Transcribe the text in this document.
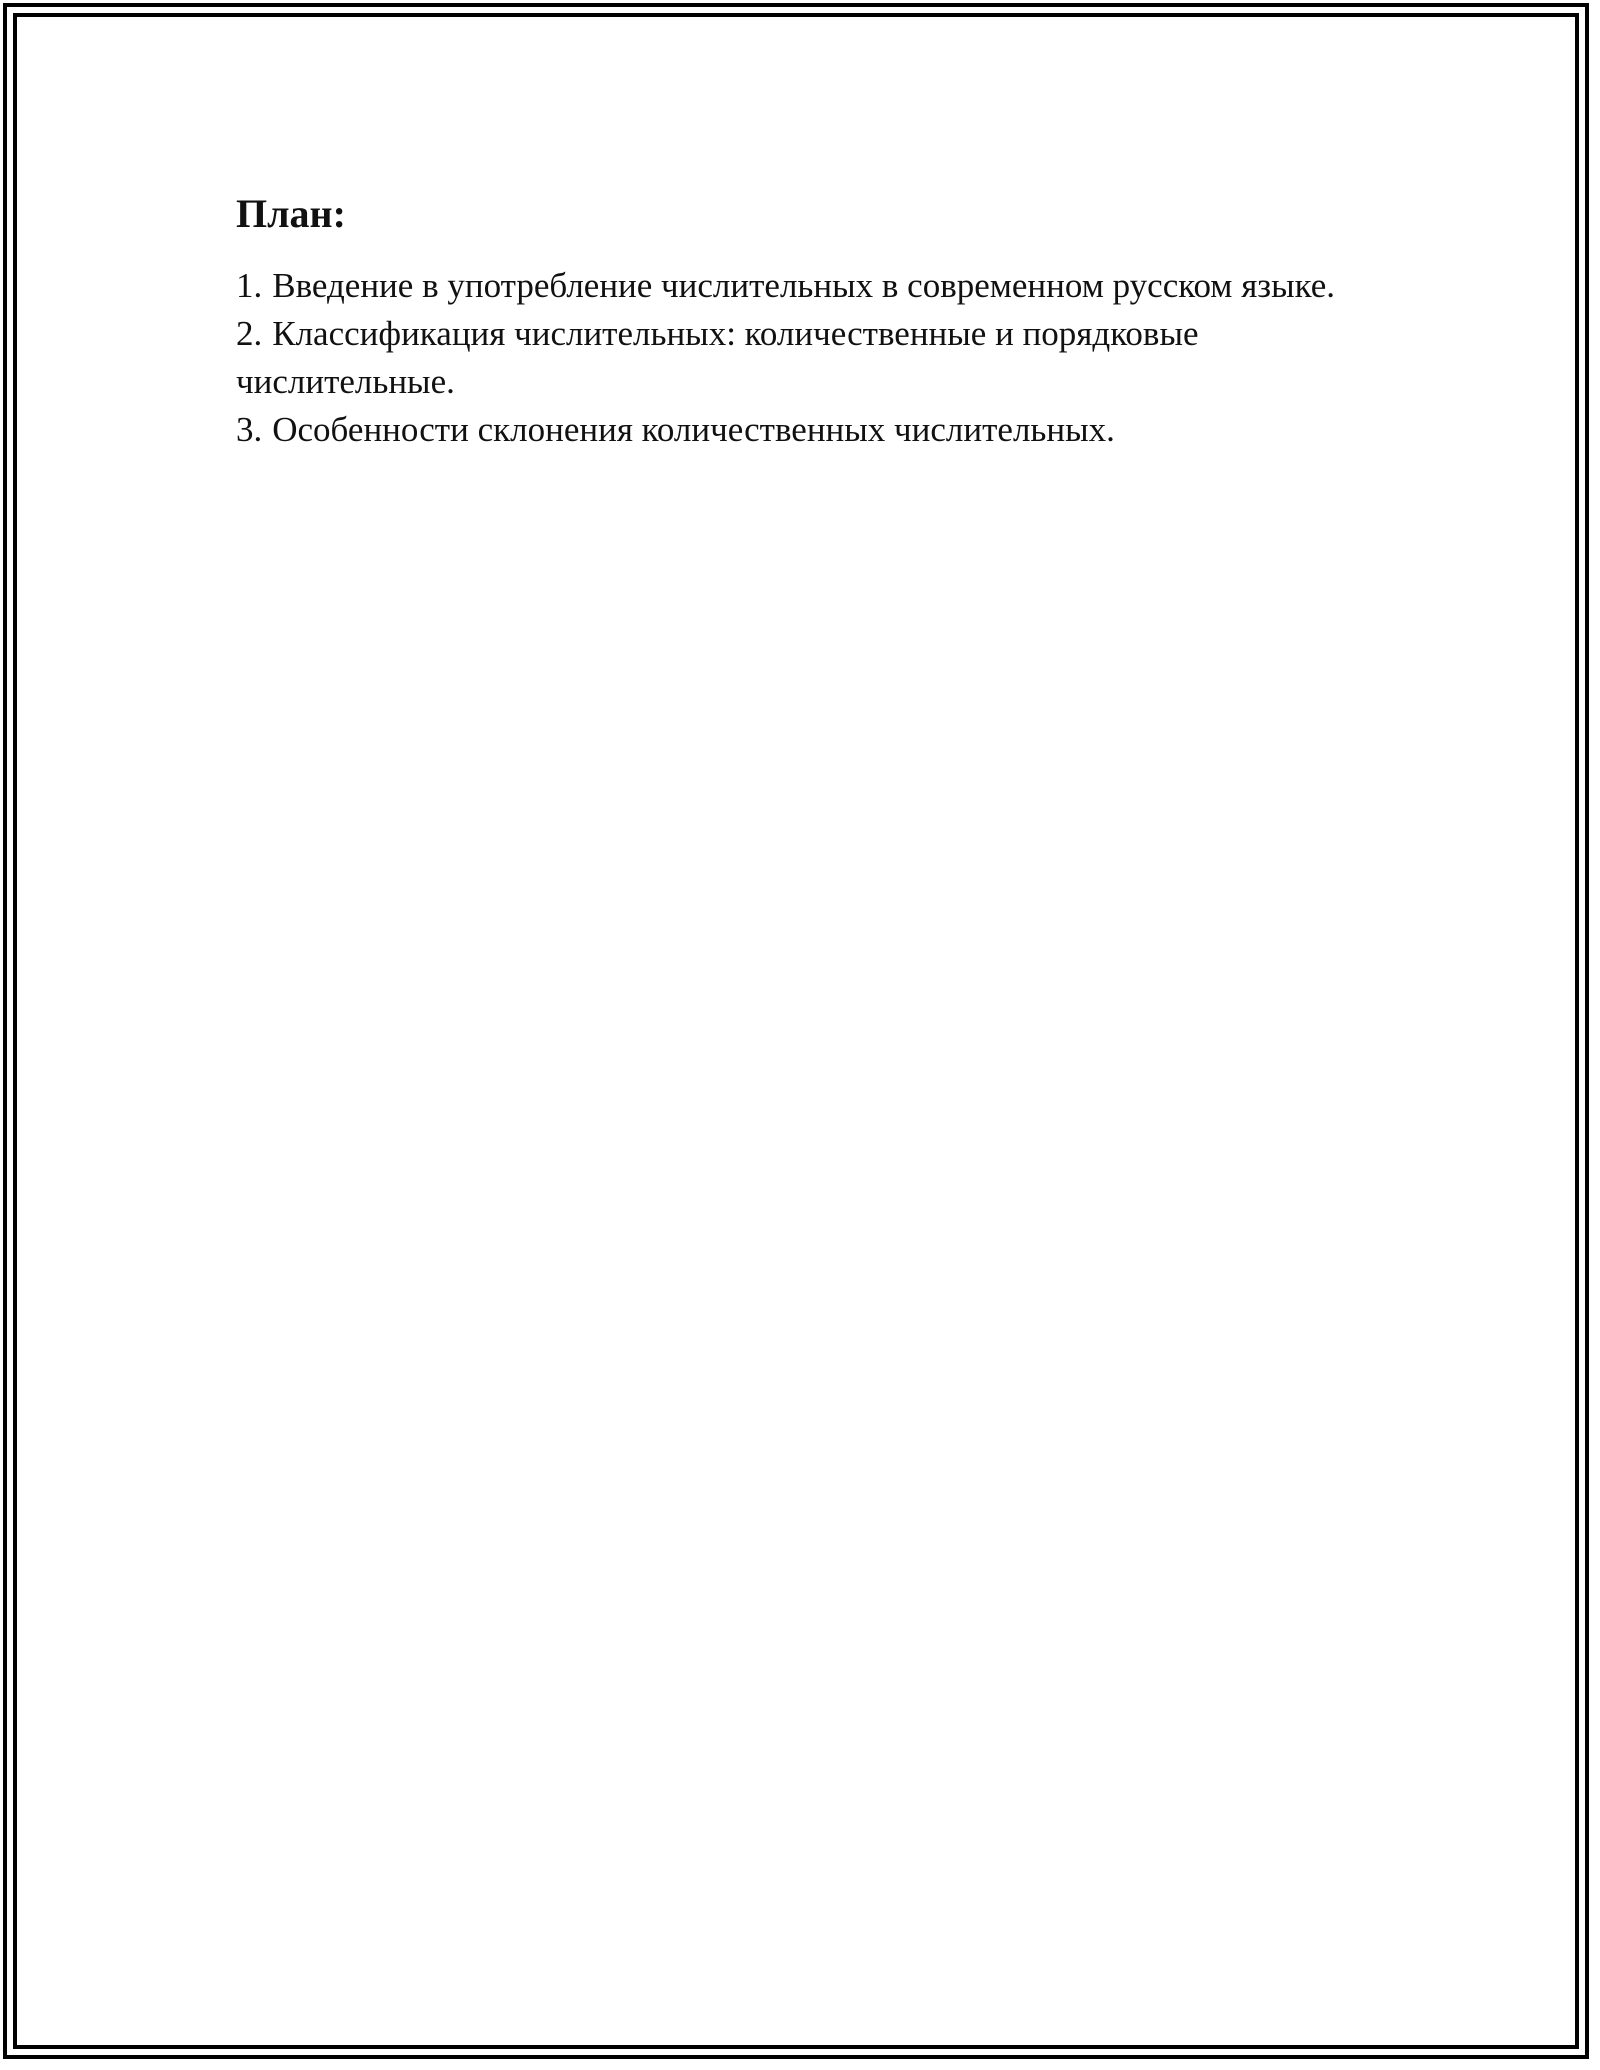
План:
1. Введение в употребление числительных в современном русском языке.
2. Классификация числительных: количественные и порядковые числительные.
3. Особенности склонения количественных числительных.
